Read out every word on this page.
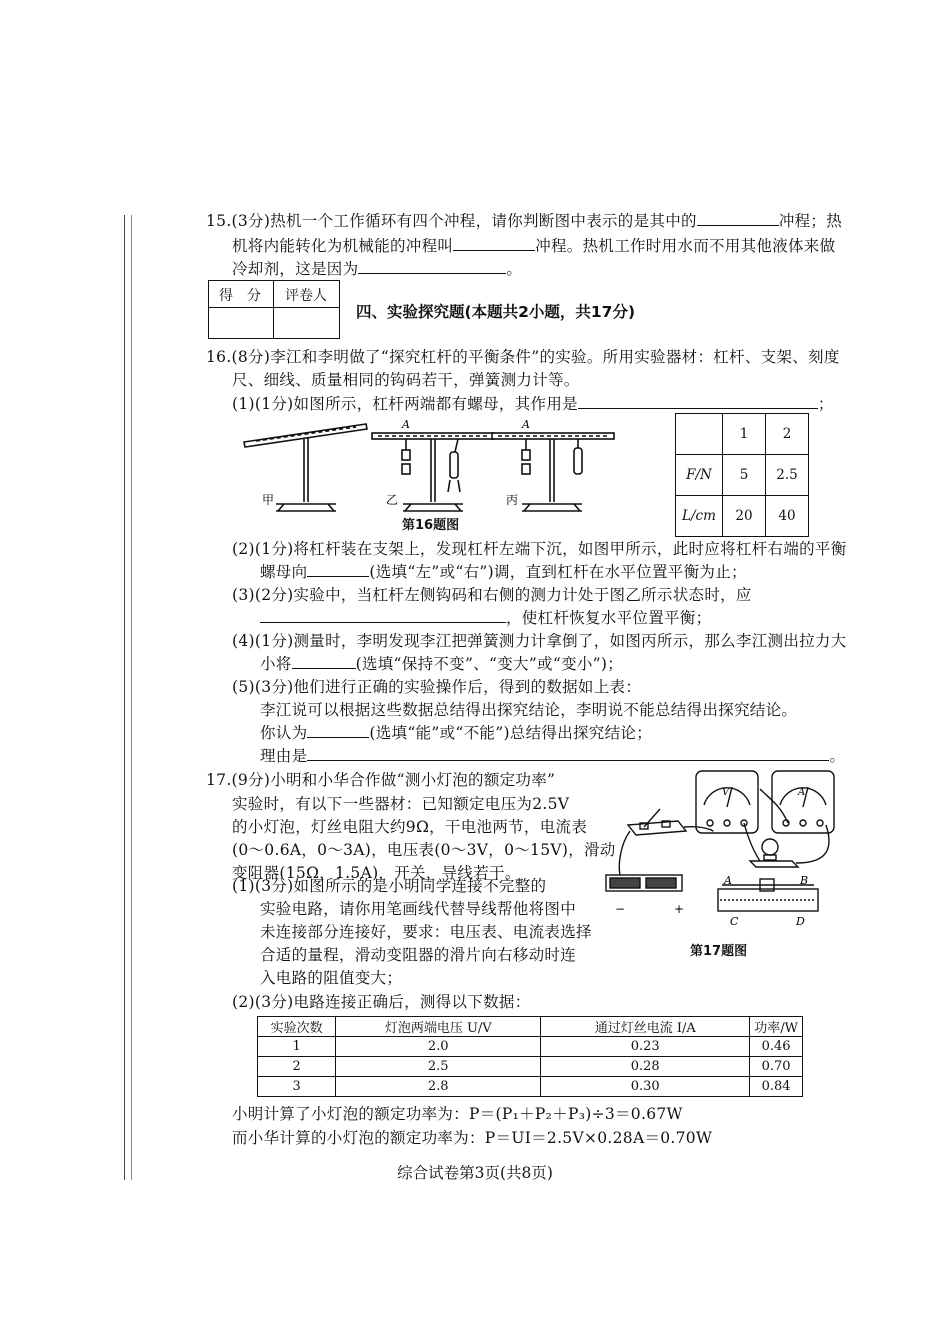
15.(3分)热机一个工作循环有四个冲程，请你判断图中表示的是其中的	冲程；热
机将内能转化为机械能的冲程叫	冲程。热机工作时用水而不用其他液体来做
冷却剂，这是因为	。
得　分 评卷人
四、实验探究题(本题共2小题，共17分)
16.(8分)李江和李明做了“探究杠杆的平衡条件”的实验。所用实验器材：杠杆、支架、刻度
尺、细线、质量相同的钩码若干，弹簧测力计等。
(1)(1分)如图所示，杠杆两端都有螺母，其作用是	；
甲	乙	丙
A	A
第16题图
	1	2
F/N	5	2.5
L/cm	20	40
(2)(1分)将杠杆装在支架上，发现杠杆左端下沉，如图甲所示，此时应将杠杆右端的平衡
螺母向	(选填“左”或“右”)调，直到杠杆在水平位置平衡为止；
(3)(2分)实验中，当杠杆左侧钩码和右侧的测力计处于图乙所示状态时，应
，使杠杆恢复水平位置平衡；
(4)(1分)测量时，李明发现李江把弹簧测力计拿倒了，如图丙所示，那么李江测出拉力大
小将	(选填“保持不变”、“变大”或“变小”)；
(5)(3分)他们进行正确的实验操作后，得到的数据如上表：
李江说可以根据这些数据总结得出探究结论，李明说不能总结得出探究结论。
你认为	(选填“能”或“不能”)总结得出探究结论；
理由是	。
17.(9分)小明和小华合作做“测小灯泡的额定功率”
实验时，有以下一些器材：已知额定电压为2.5V
的小灯泡，灯丝电阻大约9Ω，干电池两节，电流表
(0～0.6A，0～3A)，电压表(0～3V，0～15V)，滑动
变阻器(15Ω，1.5A)，开关，导线若干。
(1)(3分)如图所示的是小明同学连接不完整的
实验电路，请你用笔画线代替导线帮他将图中
未连接部分连接好，要求：电压表、电流表选择
合适的量程，滑动变阻器的滑片向右移动时连
入电路的阻值变大；
(2)(3分)电路连接正确后，测得以下数据：
−	+
A	B
C	D
V	A
第17题图
实验次数	灯泡两端电压 U/V	通过灯丝电流 I/A	功率/W
1	2.0	0.23	0.46
2	2.5	0.28	0.70
3	2.8	0.30	0.84
小明计算了小灯泡的额定功率为：P＝(P₁＋P₂＋P₃)÷3＝0.67W
而小华计算的小灯泡的额定功率为：P＝UI＝2.5V×0.28A＝0.70W
综合试卷第3页(共8页)
